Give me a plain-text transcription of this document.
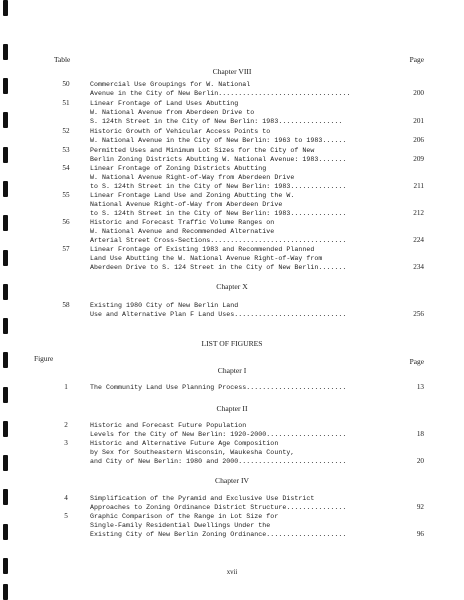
Table	Page
Chapter VIII
50	Commercial Use Groupings for W. National
Avenue in the City of New Berlin.................................	200
51	Linear Frontage of Land Uses Abutting
W. National Avenue from Aberdeen Drive to
S. 124th Street in the City of New Berlin: 1983................	201
52	Historic Growth of Vehicular Access Points to
W. National Avenue in the City of New Berlin: 1963 to 1983......	206
53	Permitted Uses and Minimum Lot Sizes for the City of New
Berlin Zoning Districts Abutting W. National Avenue: 1983.......	209
54	Linear Frontage of Zoning Districts Abutting
W. National Avenue Right-of-Way from Aberdeen Drive
to S. 124th Street in the City of New Berlin: 1983..............	211
55	Linear Frontage Land Use and Zoning Abutting the W.
National Avenue Right-of-Way from Aberdeen Drive
to S. 124th Street in the City of New Berlin: 1983..............	212
56	Historic and Forecast Traffic Volume Ranges on
W. National Avenue and Recommended Alternative
Arterial Street Cross-Sections..................................	224
57	Linear Frontage of Existing 1983 and Recommended Planned
Land Use Abutting the W. National Avenue Right-of-Way from
Aberdeen Drive to S. 124 Street in the City of New Berlin.......	234
Chapter X
58	Existing 1980 City of New Berlin Land
Use and Alternative Plan F Land Uses............................	256
LIST OF FIGURES
Figure	Page
Chapter I
1	The Community Land Use Planning Process.........................	13
Chapter II
2	Historic and Forecast Future Population
Levels for the City of New Berlin: 1920-2000....................	18
3	Historic and Alternative Future Age Composition
by Sex for Southeastern Wisconsin, Waukesha County,
and City of New Berlin: 1980 and 2000...........................	20
Chapter IV
4	Simplification of the Pyramid and Exclusive Use District
Approaches to Zoning Ordinance District Structure...............	92
5	Graphic Comparison of the Range in Lot Size for
Single-Family Residential Dwellings Under the
Existing City of New Berlin Zoning Ordinance....................	96
xvii
